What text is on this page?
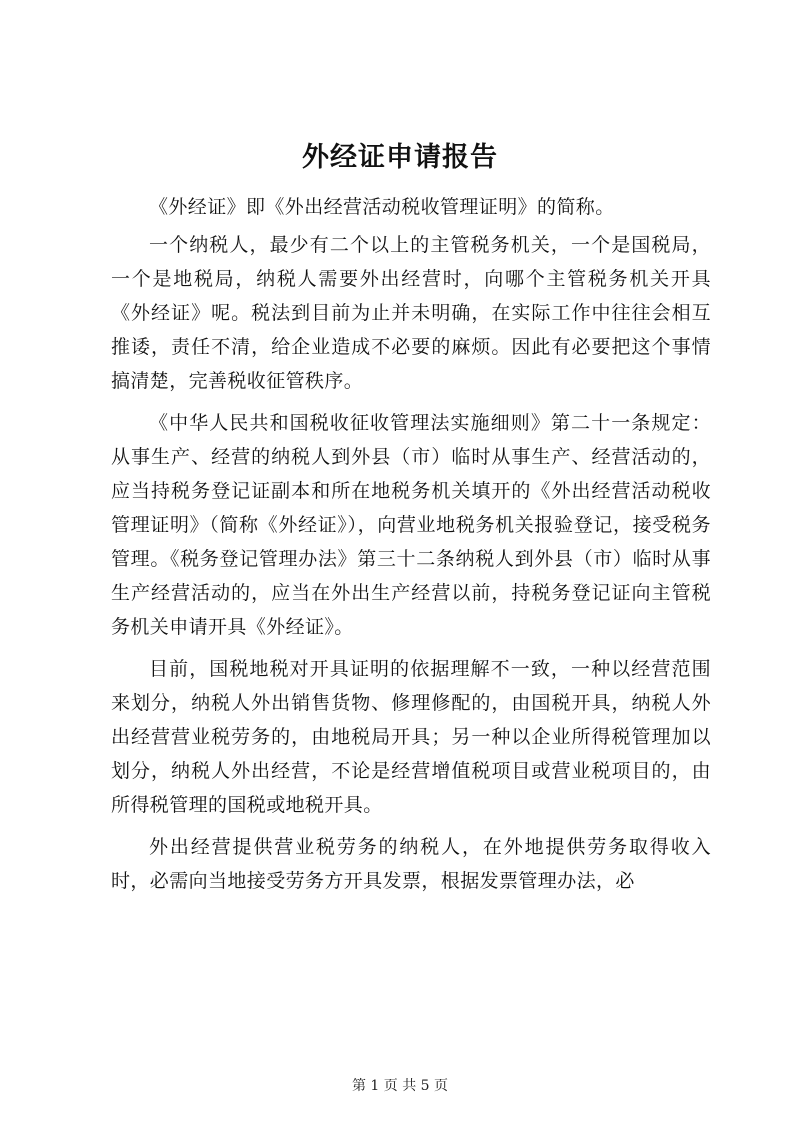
外经证申请报告

《外经证》即《外出经营活动税收管理证明》的简称。

一个纳税人，最少有二个以上的主管税务机关，一个是国税局，一个是地税局，纳税人需要外出经营时，向哪个主管税务机关开具《外经证》呢。税法到目前为止并未明确，在实际工作中往往会相互推诿，责任不清，给企业造成不必要的麻烦。因此有必要把这个事情搞清楚，完善税收征管秩序。

《中华人民共和国税收征收管理法实施细则》第二十一条规定：从事生产、经营的纳税人到外县（市）临时从事生产、经营活动的，应当持税务登记证副本和所在地税务机关填开的《外出经营活动税收管理证明》（简称《外经证》），向营业地税务机关报验登记，接受税务管理。《税务登记管理办法》第三十二条纳税人到外县（市）临时从事生产经营活动的，应当在外出生产经营以前，持税务登记证向主管税务机关申请开具《外经证》。

目前，国税地税对开具证明的依据理解不一致，一种以经营范围来划分，纳税人外出销售货物、修理修配的，由国税开具，纳税人外出经营营业税劳务的，由地税局开具；另一种以企业所得税管理加以划分，纳税人外出经营，不论是经营增值税项目或营业税项目的，由所得税管理的国税或地税开具。

外出经营提供营业税劳务的纳税人，在外地提供劳务取得收入时，必需向当地接受劳务方开具发票，根据发票管理办法，必

第 1 页 共 5 页
